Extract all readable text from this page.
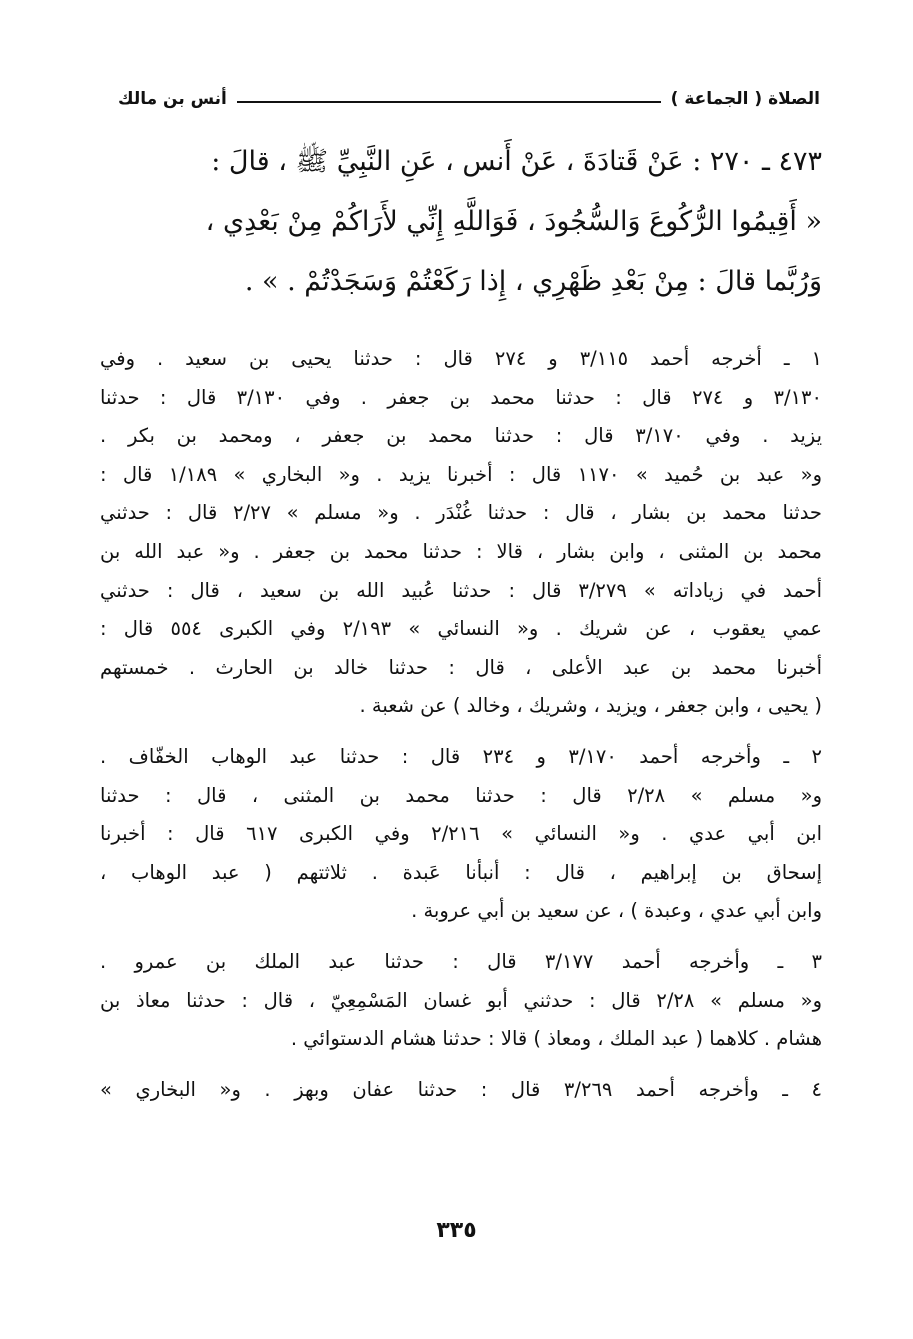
الصلاة ( الجماعة )
أنس بن مالك
٤٧٣ ـ ٢٧٠ : عَنْ قَتادَةَ ، عَنْ أَنس ، عَنِ النَّبِيِّ ﷺ ، قالَ :
« أَقِيمُوا الرُّكُوعَ وَالسُّجُودَ ، فَوَاللَّهِ إِنِّي لأَرَاكُمْ مِنْ بَعْدِي ،
وَرُبَّما قالَ : مِنْ بَعْدِ ظَهْرِي ، إِذا رَكَعْتُمْ وَسَجَدْتُمْ . » .
١ ـ أخرجه أحمد ٣/١١٥ و ٢٧٤ قال : حدثنا يحيى بن سعيد . وفي
٣/١٣٠ و ٢٧٤ قال : حدثنا محمد بن جعفر . وفي ٣/١٣٠ قال : حدثنا
يزيد . وفي ٣/١٧٠ قال : حدثنا محمد بن جعفر ، ومحمد بن بكر .
و« عبد بن حُميد » ١١٧٠ قال : أخبرنا يزيد . و« البخاري » ١/١٨٩ قال :
حدثنا محمد بن بشار ، قال : حدثنا غُنْدَر . و« مسلم » ٢/٢٧ قال : حدثني
محمد بن المثنى ، وابن بشار ، قالا : حدثنا محمد بن جعفر . و« عبد الله بن
أحمد في زياداته » ٣/٢٧٩ قال : حدثنا عُبيد الله بن سعيد ، قال : حدثني
عمي يعقوب ، عن شريك . و« النسائي » ٢/١٩٣ وفي الكبرى ٥٥٤ قال :
أخبرنا محمد بن عبد الأعلى ، قال : حدثنا خالد بن الحارث . خمستهم
( يحيى ، وابن جعفر ، ويزيد ، وشريك ، وخالد ) عن شعبة .
٢ ـ وأخرجه أحمد ٣/١٧٠ و ٢٣٤ قال : حدثنا عبد الوهاب الخفّاف .
و« مسلم » ٢/٢٨ قال : حدثنا محمد بن المثنى ، قال : حدثنا
ابن أبي عدي . و« النسائي » ٢/٢١٦ وفي الكبرى ٦١٧ قال : أخبرنا
إسحاق بن إبراهيم ، قال : أنبأنا عَبدة . ثلاثتهم ( عبد الوهاب ،
وابن أبي عدي ، وعبدة ) ، عن سعيد بن أبي عروبة .
٣ ـ وأخرجه أحمد ٣/١٧٧ قال : حدثنا عبد الملك بن عمرو .
و« مسلم » ٢/٢٨ قال : حدثني أبو غسان المَسْمِعِيّ ، قال : حدثنا معاذ بن
هشام . كلاهما ( عبد الملك ، ومعاذ ) قالا : حدثنا هشام الدستوائي .
٤ ـ وأخرجه أحمد ٣/٢٦٩ قال : حدثنا عفان وبهز . و« البخاري »
٣٣٥
